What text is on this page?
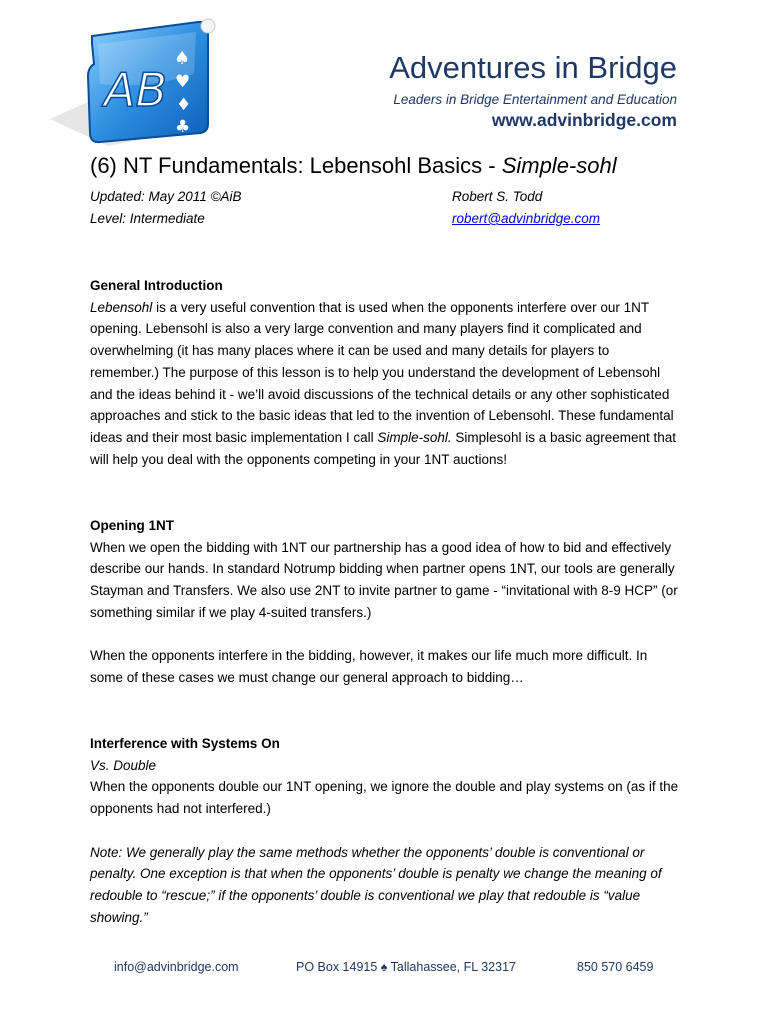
AB
♠
♥
♦
♣
Adventures in Bridge
Leaders in Bridge Entertainment and Education
www.advinbridge.com
(6) NT Fundamentals: Lebensohl Basics - Simple-sohl
Updated: May 2011 ©AiB
Level: Intermediate
Robert S. Todd
robert@advinbridge.com

General Introduction

Lebensohl is a very useful convention that is used when the opponents interfere over our 1NT opening. Lebensohl is also a very large convention and many players find it complicated and overwhelming (it has many places where it can be used and many details for players to remember.) The purpose of this lesson is to help you understand the development of Lebensohl and the ideas behind it - we’ll avoid discussions of the technical details or any other sophisticated approaches and stick to the basic ideas that led to the invention of Lebensohl. These fundamental ideas and their most basic implementation I call Simple-sohl. Simplesohl is a basic agreement that will help you deal with the opponents competing in your 1NT auctions!

Opening 1NT

When we open the bidding with 1NT our partnership has a good idea of how to bid and effectively describe our hands. In standard Notrump bidding when partner opens 1NT, our tools are generally Stayman and Transfers. We also use 2NT to invite partner to game - “invitational with 8-9 HCP” (or something similar if we play 4-suited transfers.)

When the opponents interfere in the bidding, however, it makes our life much more difficult. In some of these cases we must change our general approach to bidding…

Interference with Systems On

Vs. Double

When the opponents double our 1NT opening, we ignore the double and play systems on (as if the opponents had not interfered.)

Note: We generally play the same methods whether the opponents’ double is conventional or penalty. One exception is that when the opponents’ double is penalty we change the meaning of redouble to “rescue;” if the opponents’ double is conventional we play that redouble is “value showing.”

info@advinbridge.com	PO Box 14915 ♠ Tallahassee, FL 32317	850 570 6459
